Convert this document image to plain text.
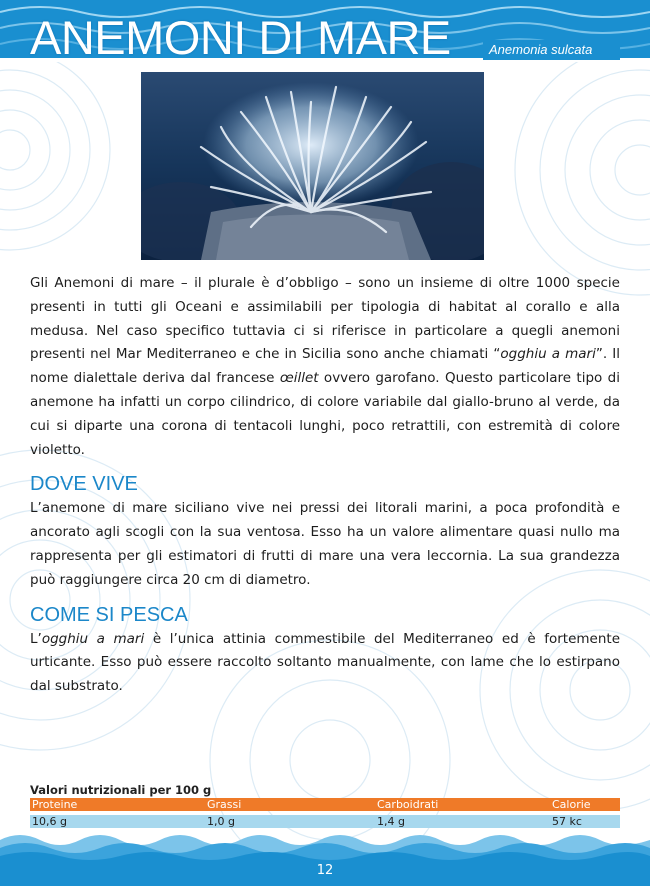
ANEMONI DI MARE	Anemonia sulcata

Gli Anemoni di mare – il plurale è d’obbligo – sono un insieme di oltre 1000 specie presenti in tutti gli Oceani e assimilabili per tipologia di habitat al corallo e alla medusa. Nel caso specifico tuttavia ci si riferisce in particolare a quegli anemoni presenti nel Mar Mediterraneo e che in Sicilia sono anche chiamati “ogghiu a mari”. Il nome dialettale deriva dal francese œillet ovvero garofano. Questo particolare tipo di anemone ha infatti un corpo cilindrico, di colore variabile dal giallo-bruno al verde, da cui si diparte una corona di tentacoli lunghi, poco retrattili, con estremità di colore violetto.

DOVE VIVE

L’anemone di mare siciliano vive nei pressi dei litorali marini, a poca profondità e ancorato agli scogli con la sua ventosa. Esso ha un valore alimentare quasi nullo ma rappresenta per gli estimatori di frutti di mare una vera leccornia. La sua grandezza può raggiungere circa 20 cm di diametro.

COME SI PESCA

L’ogghiu a mari è l’unica attinia commestibile del Mediterraneo ed è fortemente urticante. Esso può essere raccolto soltanto manualmente, con lame che lo estirpano dal substrato.

Valori nutrizionali per 100 g
Proteine	Grassi	Carboidrati	Calorie
10,6 g	1,0 g	1,4 g	57 kc
12
